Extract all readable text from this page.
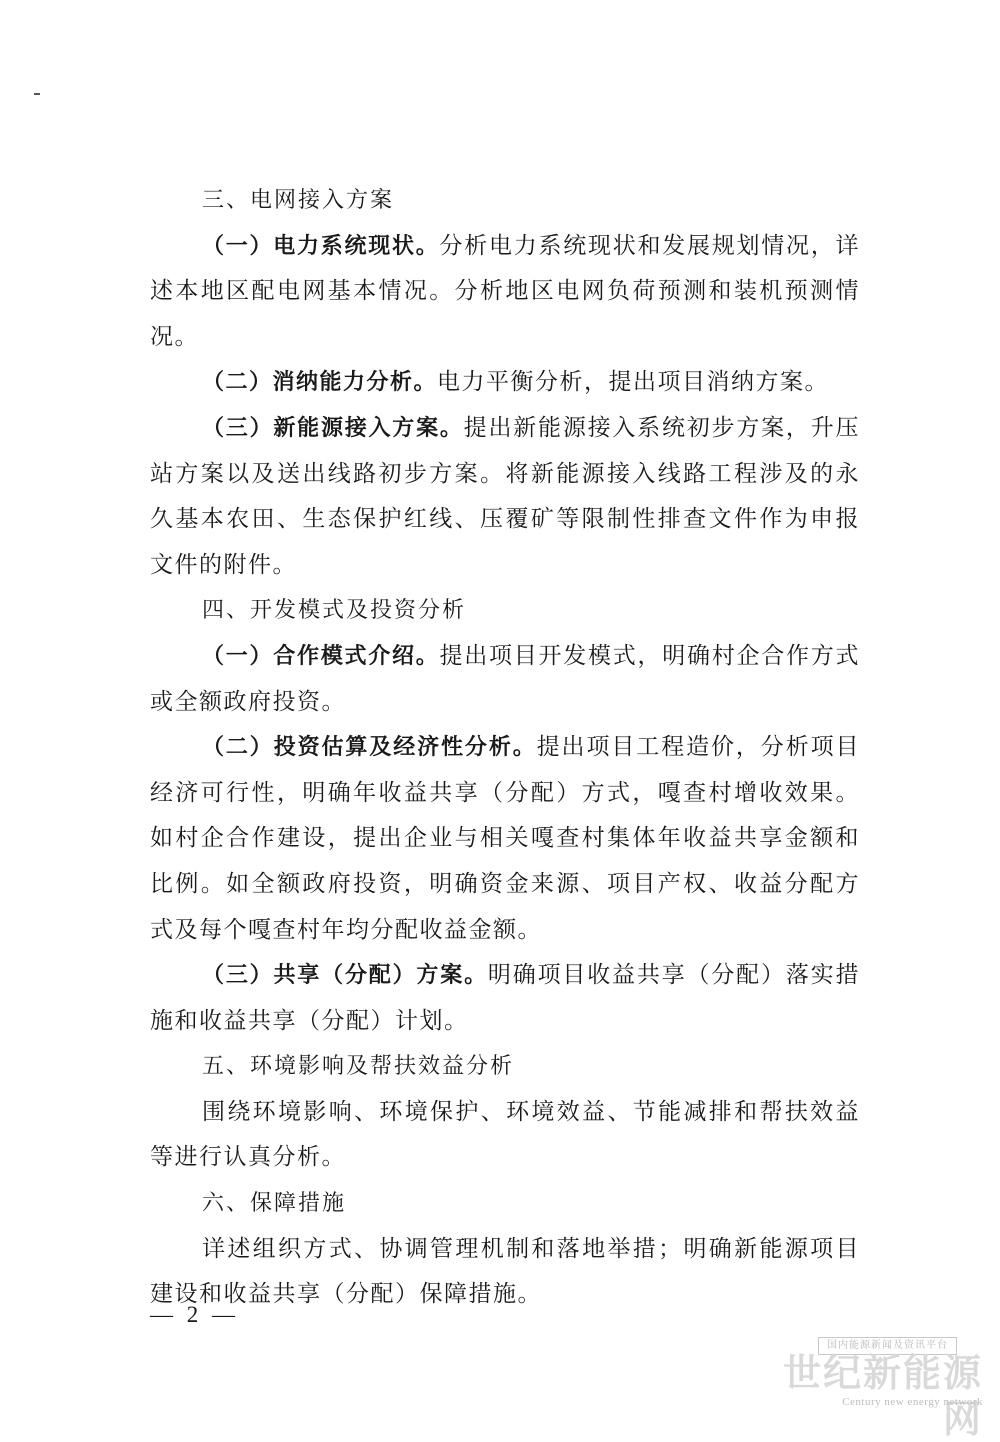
三、电网接入方案

（一）电力系统现状。分析电力系统现状和发展规划情况，详述本地区配电网基本情况。分析地区电网负荷预测和装机预测情况。

（二）消纳能力分析。电力平衡分析，提出项目消纳方案。

（三）新能源接入方案。提出新能源接入系统初步方案，升压站方案以及送出线路初步方案。将新能源接入线路工程涉及的永久基本农田、生态保护红线、压覆矿等限制性排查文件作为申报文件的附件。

四、开发模式及投资分析

（一）合作模式介绍。提出项目开发模式，明确村企合作方式或全额政府投资。

（二）投资估算及经济性分析。提出项目工程造价，分析项目经济可行性，明确年收益共享（分配）方式，嘎查村增收效果。如村企合作建设，提出企业与相关嘎查村集体年收益共享金额和比例。如全额政府投资，明确资金来源、项目产权、收益分配方式及每个嘎查村年均分配收益金额。

（三）共享（分配）方案。明确项目收益共享（分配）落实措施和收益共享（分配）计划。

五、环境影响及帮扶效益分析

围绕环境影响、环境保护、环境效益、节能减排和帮扶效益等进行认真分析。

六、保障措施

详述组织方式、协调管理机制和落地举措；明确新能源项目建设和收益共享（分配）保障措施。

— 2 —
国内能源新闻及资讯平台
世纪新能源网
Century new energy network
